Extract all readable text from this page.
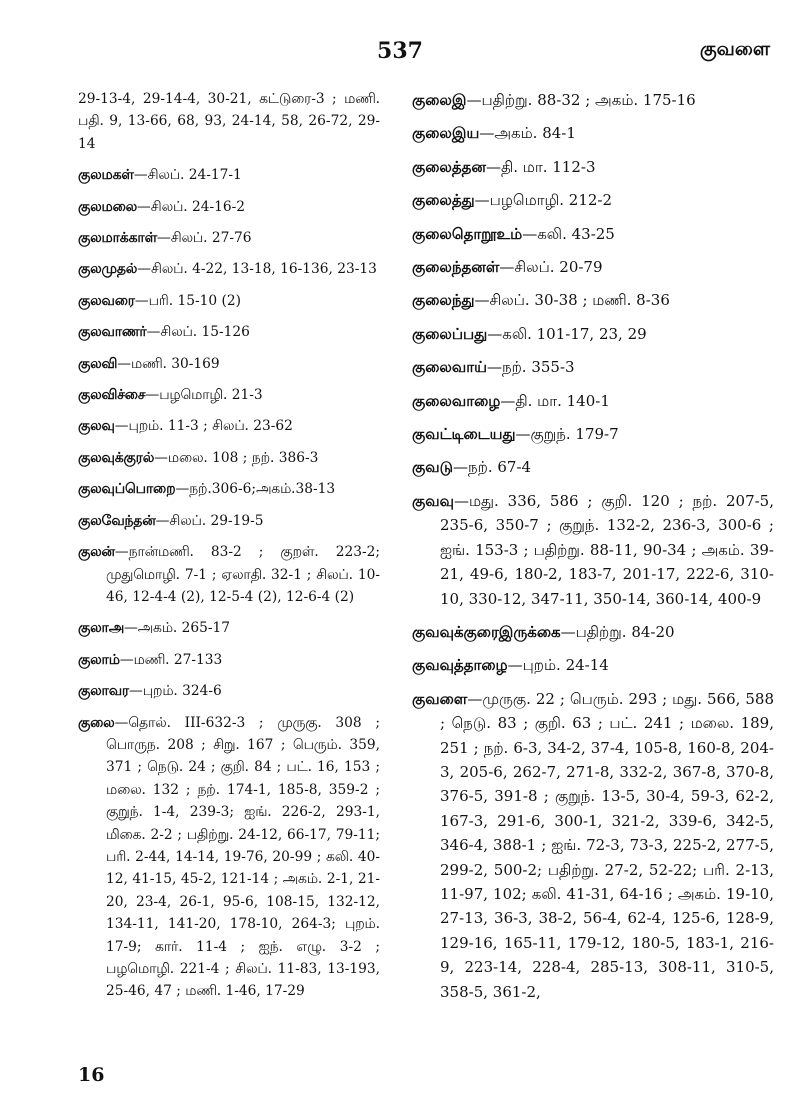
537	குவளை

29-13-4, 29-14-4, 30-21, கட்டுரை-3 ; மணி. பதி. 9, 13-66, 68, 93, 24-14, 58, 26-72, 29-14

குலமகள்—சிலப். 24-17-1

குலமலை—சிலப். 24-16-2

குலமாக்காள்—சிலப். 27-76

குலமுதல்—சிலப். 4-22, 13-18, 16-136, 23-13

குலவரை—பரி. 15-10 (2)

குலவாணர்—சிலப். 15-126

குலவி—மணி. 30-169

குலவிச்சை—பழமொழி. 21-3

குலவு—புறம். 11-3 ; சிலப். 23-62

குலவுக்குரல்—மலை. 108 ; நற். 386-3

குலவுப்பொறை—நற்.306-6;அகம்.38-13

குலவேந்தன்—சிலப். 29-19-5

குலன்—நான்மணி. 83-2 ; குறள். 223-2; முதுமொழி. 7-1 ; ஏலாதி. 32-1 ; சிலப். 10-46, 12-4-4 (2), 12-5-4 (2), 12-6-4 (2)

குலாஅ—அகம். 265-17

குலாம்—மணி. 27-133

குலாவர—புறம். 324-6

குலை—தொல். III-632-3 ; முருகு. 308 ; பொருந. 208 ; சிறு. 167 ; பெரும். 359, 371 ; நெடு. 24 ; குறி. 84 ; பட். 16, 153 ; மலை. 132 ; நற். 174-1, 185-8, 359-2 ; குறுந். 1-4, 239-3; ஐங். 226-2, 293-1, மிகை. 2-2 ; பதிற்று. 24-12, 66-17, 79-11; பரி. 2-44, 14-14, 19-76, 20-99 ; கலி. 40-12, 41-15, 45-2, 121-14 ; அகம். 2-1, 21-20, 23-4, 26-1, 95-6, 108-15, 132-12, 134-11, 141-20, 178-10, 264-3; புறம். 17-9; கார். 11-4 ; ஐந். எழு. 3-2 ; பழமொழி. 221-4 ; சிலப். 11-83, 13-193, 25-46, 47 ; மணி. 1-46, 17-29

குலைஇ—பதிற்று. 88-32 ; அகம். 175-16

குலைஇய—அகம். 84-1

குலைத்தன—தி. மா. 112-3

குலைத்து—பழமொழி. 212-2

குலைதொறூஉம்—கலி. 43-25

குலைந்தனள்—சிலப். 20-79

குலைந்து—சிலப். 30-38 ; மணி. 8-36

குலைப்பது—கலி. 101-17, 23, 29

குலைவாய்—நற். 355-3

குலைவாழை—தி. மா. 140-1

குவட்டிடையது—குறுந். 179-7

குவடு—நற். 67-4

குவவு—மது. 336, 586 ; குறி. 120 ; நற். 207-5, 235-6, 350-7 ; குறுந். 132-2, 236-3, 300-6 ; ஐங். 153-3 ; பதிற்று. 88-11, 90-34 ; அகம். 39-21, 49-6, 180-2, 183-7, 201-17, 222-6, 310-10, 330-12, 347-11, 350-14, 360-14, 400-9

குவவுக்குரைஇருக்கை—பதிற்று. 84-20

குவவுத்தாழை—புறம். 24-14

குவளை—முருகு. 22 ; பெரும். 293 ; மது. 566, 588 ; நெடு. 83 ; குறி. 63 ; பட். 241 ; மலை. 189, 251 ; நற். 6-3, 34-2, 37-4, 105-8, 160-8, 204-3, 205-6, 262-7, 271-8, 332-2, 367-8, 370-8, 376-5, 391-8 ; குறுந். 13-5, 30-4, 59-3, 62-2, 167-3, 291-6, 300-1, 321-2, 339-6, 342-5, 346-4, 388-1 ; ஐங். 72-3, 73-3, 225-2, 277-5, 299-2, 500-2; பதிற்று. 27-2, 52-22; பரி. 2-13, 11-97, 102; கலி. 41-31, 64-16 ; அகம். 19-10, 27-13, 36-3, 38-2, 56-4, 62-4, 125-6, 128-9, 129-16, 165-11, 179-12, 180-5, 183-1, 216-9, 223-14, 228-4, 285-13, 308-11, 310-5, 358-5, 361-2,

16
